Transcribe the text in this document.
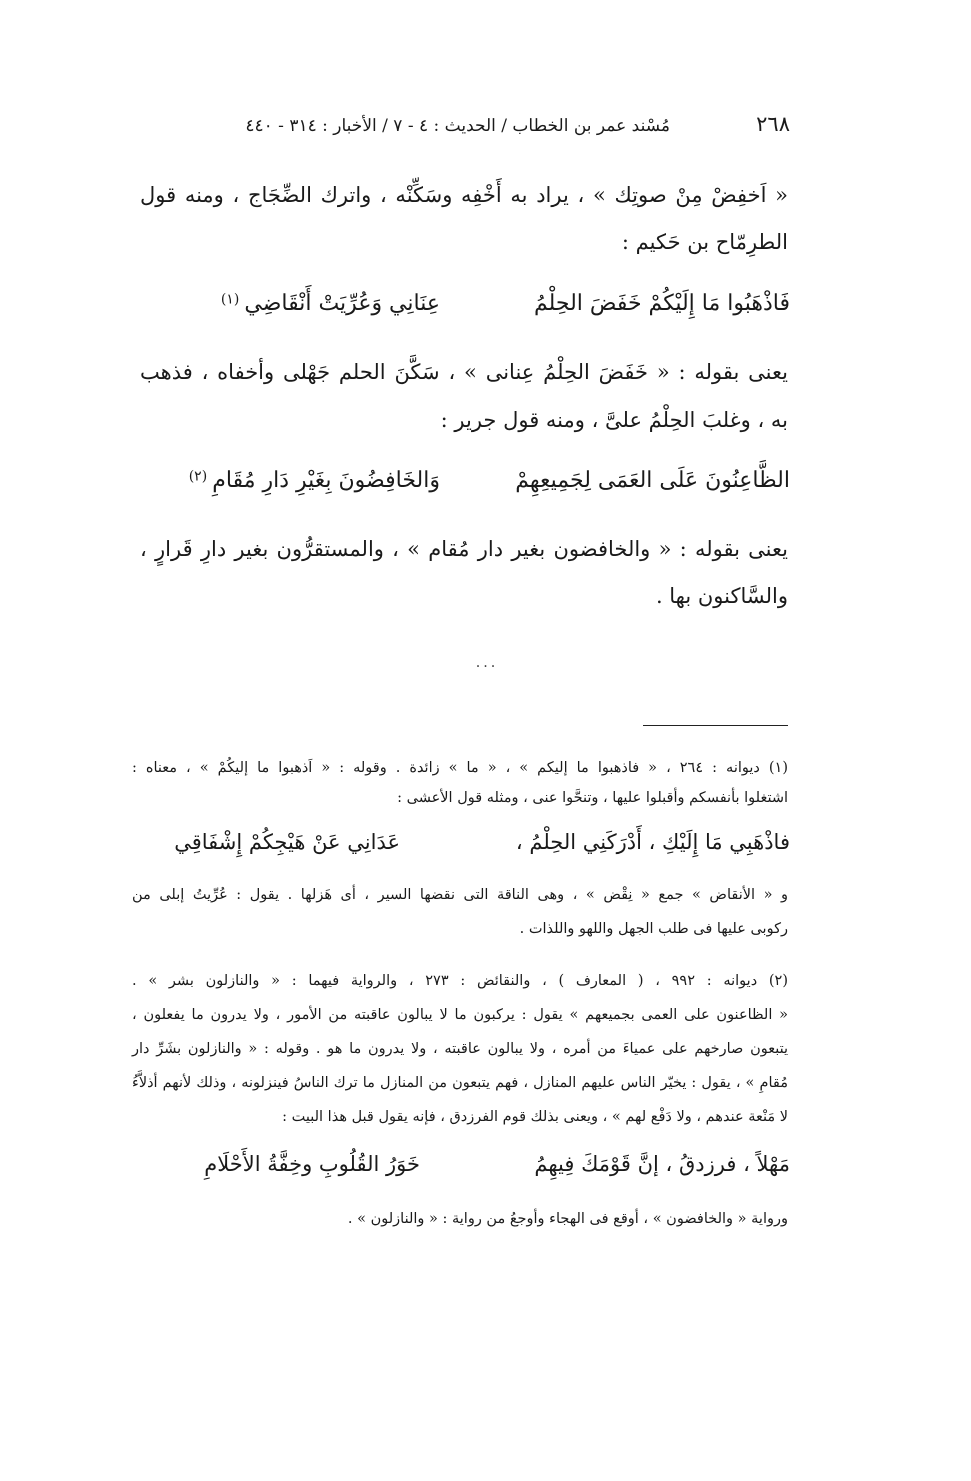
٢٦٨
مُسْند عمر بن الخطاب / الحديث : ٤ - ٧ / الأخبار : ٣١٤ - ٤٤٠
« اَخفِضْ مِنْ صوتِك » ، يراد به أَخْفِه وسَكِّنْه ، واترك الضِّجَاج ، ومنه قول
الطرِمّاح بن حَكيم :
فَاذْهَبُوا مَا إِلَيْكُمْ خَفَضَ الحِلْمُ
عِنَانِي وَعُرِّيَتْ أَنْقَاضِي (١)
يعنى بقوله : « خَفَضَ الحِلْمُ عِنانى » ، سَكَّنَ الحلم جَهْلى وأخفاه ، فذهب
به ، وغلبَ الحِلْمُ علىَّ ، ومنه قول جرير :
الظَّاعِنُونَ عَلَى العَمَى لِجَمِيعِهِمْ
وَالخَافِضُونَ بِغَيْرِ دَارِ مُقَامِ (٢)
يعنى بقوله : « والخافضون بغير دار مُقام » ، والمستقرُّون بغير دارِ قَرارٍ ،
والسَّاكنون بها .
٠٠٠
(١) ديوانه : ٢٦٤ ، « فاذهبوا ما إليكم » ، « ما » زائدة . وقوله : « اَذهبوا ما إليكُمْ » ، معناه :
اشتغلوا بأنفسكم وأقبلوا عليها ، وتنحَّوا عنى ، ومثله قول الأعشى :
فاذْهَبِي مَا إِلَيْكِ ، أَدْرَكَنِي الحِلْمُ ،
عَدَانِي عَنْ هَيْجِكُمْ إِشْفَاقِي
و « الأنقاض » جمع « نِقْض » ، وهى الناقة التى نقضها السير ، أى هَزلها . يقول : عُرِّيتُ إبلى من
ركوبى عليها فى طلب الجهل واللهو واللذات .
(٢) ديوانه : ٩٩٢ ، ( المعارف ) ، والنقائض : ٢٧٣ ، والرواية فيهما : « والنازلون بشر » .
« الظاعنون على العمى بجميعهم » يقول : يركبون ما لا يبالون عاقبته من الأمور ، ولا يدرون ما يفعلون ،
يتبعون صارخهم على عمياءَ من أمره ، ولا يبالون عاقبته ، ولا يدرون ما هو . وقوله : « والنازلون بشَرِّ دار
مُقامِ » ، يقول : يخيّر الناس عليهم المنازل ، فهم يتبعون من المنازل ما ترك الناسُ فينزلونه ، وذلك لأنهم أذلاَّءُ
لا مَنْعة عندهم ، ولا دَفْع لهم » ، ويعنى بذلك قوم الفرزدق ، فإنه يقول قبل هذا البيت :
مَهْلاً ، فرزدقُ ، إنَّ قَوْمَكَ فِيهِمُ
خَوَرُ القُلُوبِ وخِفَّةُ الأَحْلَامِ
ورواية « والخافضون » ، أوقع فى الهجاء وأوجعُ من رواية : « والنازلون » .
